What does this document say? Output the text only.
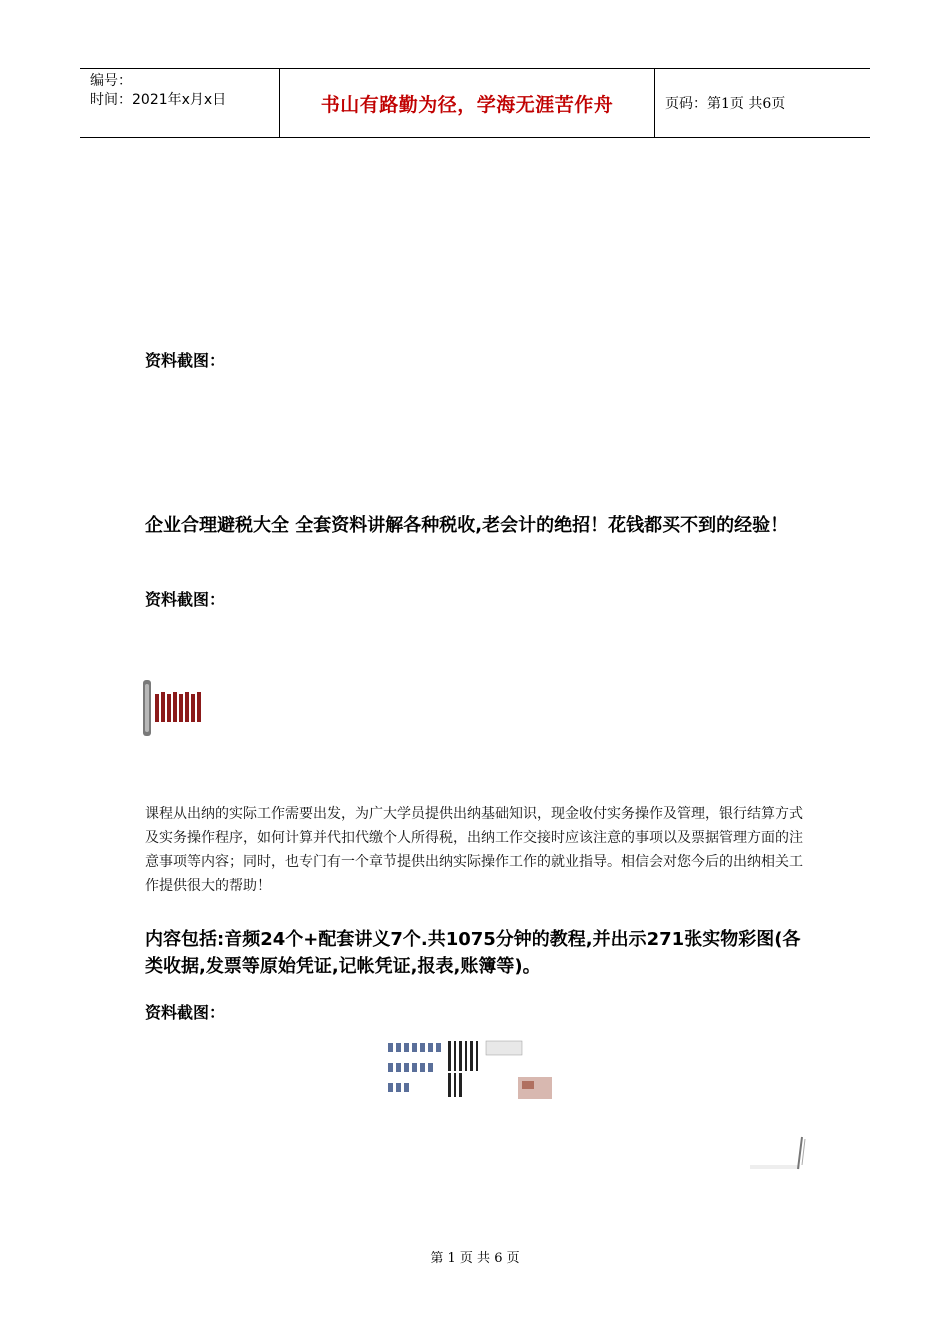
编号：
时间：2021年x月x日	书山有路勤为径，学海无涯苦作舟	页码：第1页 共6页
资料截图：
企业合理避税大全 全套资料讲解各种税收,老会计的绝招！花钱都买不到的经验！
资料截图：
课程从出纳的实际工作需要出发，为广大学员提供出纳基础知识，现金收付实务操作及管理，银行结算方式及实务操作程序，如何计算并代扣代缴个人所得税，出纳工作交接时应该注意的事项以及票据管理方面的注意事项等内容；同时，也专门有一个章节提供出纳实际操作工作的就业指导。相信会对您今后的出纳相关工作提供很大的帮助！
内容包括:音频24个+配套讲义7个.共1075分钟的教程,并出示271张实物彩图(各类收据,发票等原始凭证,记帐凭证,报表,账簿等)。
资料截图：
第 1 页 共 6 页
